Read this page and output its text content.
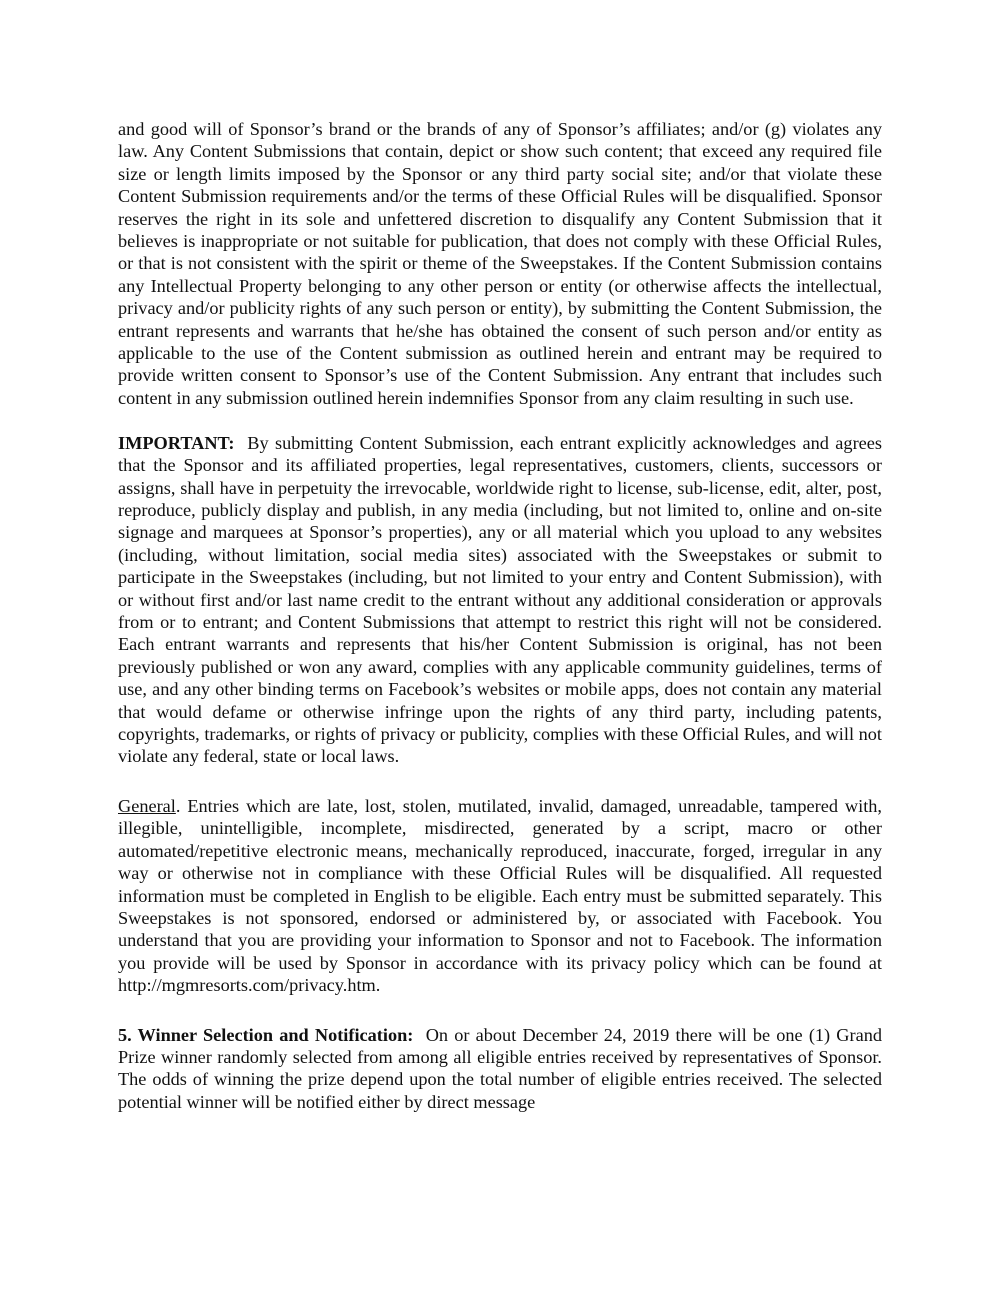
and good will of Sponsor’s brand or the brands of any of Sponsor’s affiliates; and/or (g) violates any law. Any Content Submissions that contain, depict or show such content; that exceed any required file size or length limits imposed by the Sponsor or any third party social site; and/or that violate these Content Submission requirements and/or the terms of these Official Rules will be disqualified. Sponsor reserves the right in its sole and unfettered discretion to disqualify any Content Submission that it believes is inappropriate or not suitable for publication, that does not comply with these Official Rules, or that is not consistent with the spirit or theme of the Sweepstakes. If the Content Submission contains any Intellectual Property belonging to any other person or entity (or otherwise affects the intellectual, privacy and/or publicity rights of any such person or entity), by submitting the Content Submission, the entrant represents and warrants that he/she has obtained the consent of such person and/or entity as applicable to the use of the Content submission as outlined herein and entrant may be required to provide written consent to Sponsor’s use of the Content Submission. Any entrant that includes such content in any submission outlined herein indemnifies Sponsor from any claim resulting in such use.

IMPORTANT: By submitting Content Submission, each entrant explicitly acknowledges and agrees that the Sponsor and its affiliated properties, legal representatives, customers, clients, successors or assigns, shall have in perpetuity the irrevocable, worldwide right to license, sub-license, edit, alter, post, reproduce, publicly display and publish, in any media (including, but not limited to, online and on-site signage and marquees at Sponsor’s properties), any or all material which you upload to any websites (including, without limitation, social media sites) associated with the Sweepstakes or submit to participate in the Sweepstakes (including, but not limited to your entry and Content Submission), with or without first and/or last name credit to the entrant without any additional consideration or approvals from or to entrant; and Content Submissions that attempt to restrict this right will not be considered. Each entrant warrants and represents that his/her Content Submission is original, has not been previously published or won any award, complies with any applicable community guidelines, terms of use, and any other binding terms on Facebook’s websites or mobile apps, does not contain any material that would defame or otherwise infringe upon the rights of any third party, including patents, copyrights, trademarks, or rights of privacy or publicity, complies with these Official Rules, and will not violate any federal, state or local laws.

General. Entries which are late, lost, stolen, mutilated, invalid, damaged, unreadable, tampered with, illegible, unintelligible, incomplete, misdirected, generated by a script, macro or other automated/repetitive electronic means, mechanically reproduced, inaccurate, forged, irregular in any way or otherwise not in compliance with these Official Rules will be disqualified. All requested information must be completed in English to be eligible. Each entry must be submitted separately. This Sweepstakes is not sponsored, endorsed or administered by, or associated with Facebook. You understand that you are providing your information to Sponsor and not to Facebook. The information you provide will be used by Sponsor in accordance with its privacy policy which can be found at http://mgmresorts.com/privacy.htm.

5. Winner Selection and Notification: On or about December 24, 2019 there will be one (1) Grand Prize winner randomly selected from among all eligible entries received by representatives of Sponsor. The odds of winning the prize depend upon the total number of eligible entries received. The selected potential winner will be notified either by direct message
